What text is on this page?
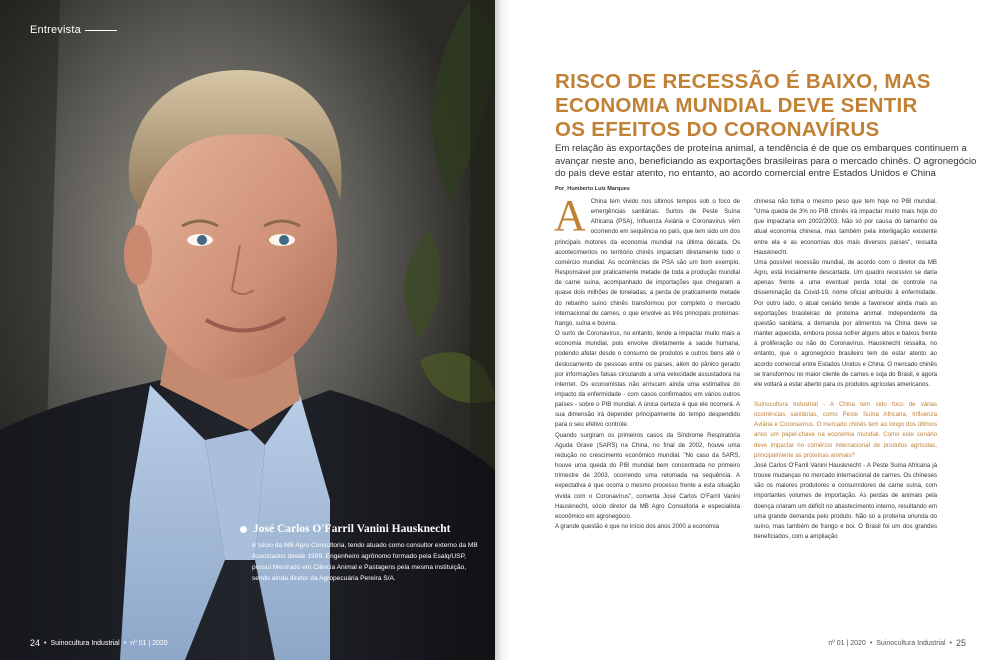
Entrevista
José Carlos O'Farril Vanini Hausknecht
é sócio da MB Agro Consultoria, tendo atuado como consultor externo da MB Associados desde 1999. Engenheiro agrônomo formado pela Esalq/USP, possui Mestrado em Ciência Animal e Pastagens pela mesma instituição, sendo ainda diretor da Agropecuária Pereira S/A.
24 • Suinocultura Industrial • nº 01 | 2020
RISCO DE RECESSÃO É BAIXO, MAS
ECONOMIA MUNDIAL DEVE SENTIR
OS EFEITOS DO CORONAVÍRUS

Em relação às exportações de proteína animal, a tendência é de que os embarques continuem a avançar neste ano, beneficiando as exportações brasileiras para o mercado chinês. O agronegócio do país deve estar atento, no entanto, ao acordo comercial entre Estados Unidos e China

Por_Humberto Luiz Marques

A China tem vivido nos últimos tempos sob o foco de emergências sanitárias. Surtos de Peste Suína Africana (PSA), Influenza Aviária e Coronavírus vêm ocorrendo em sequência no país, que tem sido um dos principais motores da economia mundial na última década. Os acontecimentos no território chinês impactam diretamente todo o comércio mundial. As ocorrências de PSA são um bom exemplo. Responsável por praticamente metade de toda a produção mundial de carne suína, acompanhado de importações que chegaram a quase dois milhões de toneladas, a perda de praticamente metade do rebanho suíno chinês transformou por completo o mercado internacional de carnes, o que envolve as três principais proteínas: frango, suína e bovina.

O surto de Coronavírus, no entanto, tende a impactar muito mais a economia mundial, pois envolve diretamente a saúde humana, podendo afetar desde o consumo de produtos e outros bens até o deslocamento de pessoas entre os países, além do pânico gerado por informações falsas circulando a uma velocidade assustadora na internet. Os economistas não arriscam ainda uma estimativa do impacto da enfermidade - com casos confirmados em vários outros países - sobre o PIB mundial. A única certeza é que ele ocorrerá. A sua dimensão irá depender principalmente do tempo despendido para o seu efetivo controle.

Quando surgiram os primeiros casos da Síndrome Respiratória Aguda Grave (SARS) na China, no final de 2002, houve uma redução no crescimento econômico mundial. "No caso da SARS, houve uma queda do PIB mundial bem concentrada no primeiro trimestre de 2003, ocorrendo uma retomada na sequência. A expectativa é que ocorra o mesmo processo frente a esta situação vivida com o Coronavírus", comenta José Carlos O'Farril Vanini Hausknecht, sócio diretor da MB Agro Consultoria e especialista econômico em agronegócio.

A grande questão é que no início dos anos 2000 a economia

chinesa não tinha o mesmo peso que tem hoje no PIB mundial. "Uma queda de 3% no PIB chinês irá impactar muito mais hoje do que impactaria em 2002/2003. Não só por causa do tamanho da atual economia chinesa, mas também pela interligação existente entre ela e as economias dos mais diversos países", ressalta Hausknecht.

Uma possível recessão mundial, de acordo com o diretor da MB Agro, está inicialmente descartada. Um quadro recessivo se daria apenas frente a uma eventual perda total de controle na disseminação da Covid-19, nome oficial atribuído à enfermidade. Por outro lado, o atual cenário tende a favorecer ainda mais as exportações brasileiras de proteína animal. Independente da questão sanitária, a demanda por alimentos na China deve se manter aquecida, embora possa sofrer alguns altos e baixos frente à proliferação ou não do Coronavírus. Hausknecht ressalta, no entanto, que o agronegócio brasileiro tem de estar atento ao acordo comercial entre Estados Unidos e China. O mercado chinês se transformou no maior cliente de carnes e soja do Brasil, e agora ele voltará a estar aberto para os produtos agrícolas americanos.

Suinocultura Industrial - A China tem sido foco de várias ocorrências sanitárias, como Peste Suína Africana, Influenza Aviária e Coronavírus. O mercado chinês tem ao longo dos últimos anos um papel-chave na economia mundial. Como este cenário deve impactar no comércio internacional de produtos agrícolas, principalmente as proteínas animais?

José Carlos O'Farril Vanini Hausknecht - A Peste Suína Africana já trouxe mudanças no mercado internacional de carnes. Os chineses são os maiores produtores e consumidores de carne suína, com importantes volumes de importação. As perdas de animais pela doença criaram um déficit no abastecimento interno, resultando em uma grande demanda pelo produto. Não só a proteína oriunda do suíno, mas também de frango e boi. O Brasil foi um dos grandes beneficiados, com a ampliação

nº 01 | 2020 • Suinocultura Industrial • 25
